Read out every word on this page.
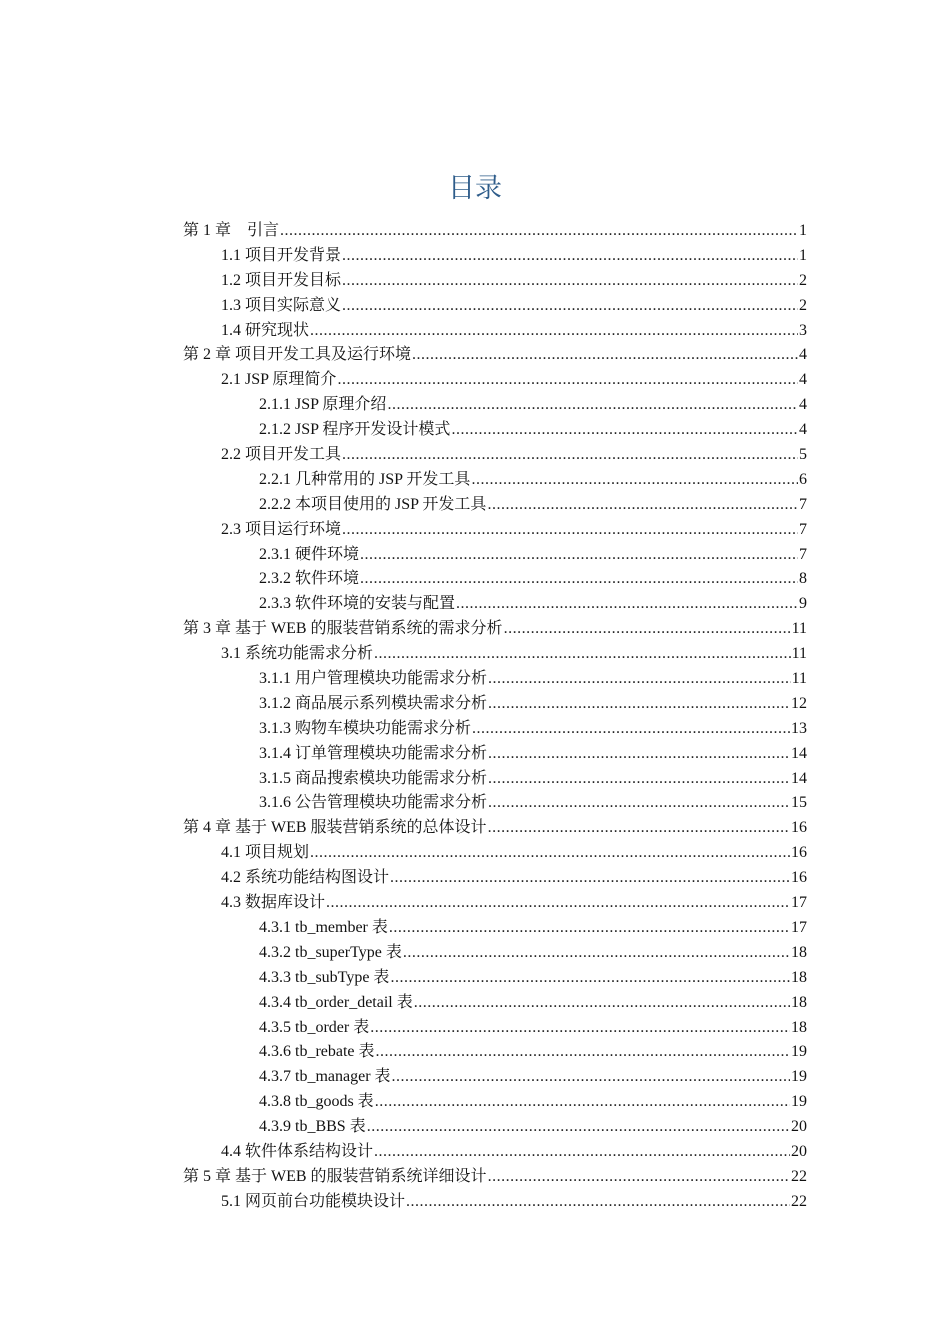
目录
第 1 章　引言 .....	1
1.1 项目开发背景 .....	1
1.2 项目开发目标 .....	2
1.3 项目实际意义 .....	2
1.4 研究现状 .....	3
第 2 章 项目开发工具及运行环境 .....	4
2.1 JSP 原理简介 .....	4
2.1.1 JSP 原理介绍 .....	4
2.1.2 JSP 程序开发设计模式 .....	4
2.2 项目开发工具 .....	5
2.2.1 几种常用的 JSP 开发工具 .....	6
2.2.2 本项目使用的 JSP 开发工具 .....	7
2.3 项目运行环境 .....	7
2.3.1 硬件环境 .....	7
2.3.2 软件环境 .....	8
2.3.3 软件环境的安装与配置 .....	9
第 3 章 基于 WEB 的服装营销系统的需求分析 .....	11
3.1 系统功能需求分析 .....	11
3.1.1 用户管理模块功能需求分析 .....	11
3.1.2 商品展示系列模块需求分析 .....	12
3.1.3 购物车模块功能需求分析 .....	13
3.1.4 订单管理模块功能需求分析 .....	14
3.1.5 商品搜索模块功能需求分析 .....	14
3.1.6 公告管理模块功能需求分析 .....	15
第 4 章 基于 WEB 服装营销系统的总体设计 .....	16
4.1 项目规划 .....	16
4.2 系统功能结构图设计 .....	16
4.3 数据库设计 .....	17
4.3.1 tb_member 表 .....	17
4.3.2 tb_superType 表 .....	18
4.3.3 tb_subType 表 .....	18
4.3.4 tb_order_detail 表 .....	18
4.3.5 tb_order 表 .....	18
4.3.6 tb_rebate 表 .....	19
4.3.7 tb_manager 表 .....	19
4.3.8 tb_goods 表 .....	19
4.3.9 tb_BBS 表 .....	20
4.4 软件体系结构设计 .....	20
第 5 章 基于 WEB 的服装营销系统详细设计 .....	22
5.1 网页前台功能模块设计 .....	22
